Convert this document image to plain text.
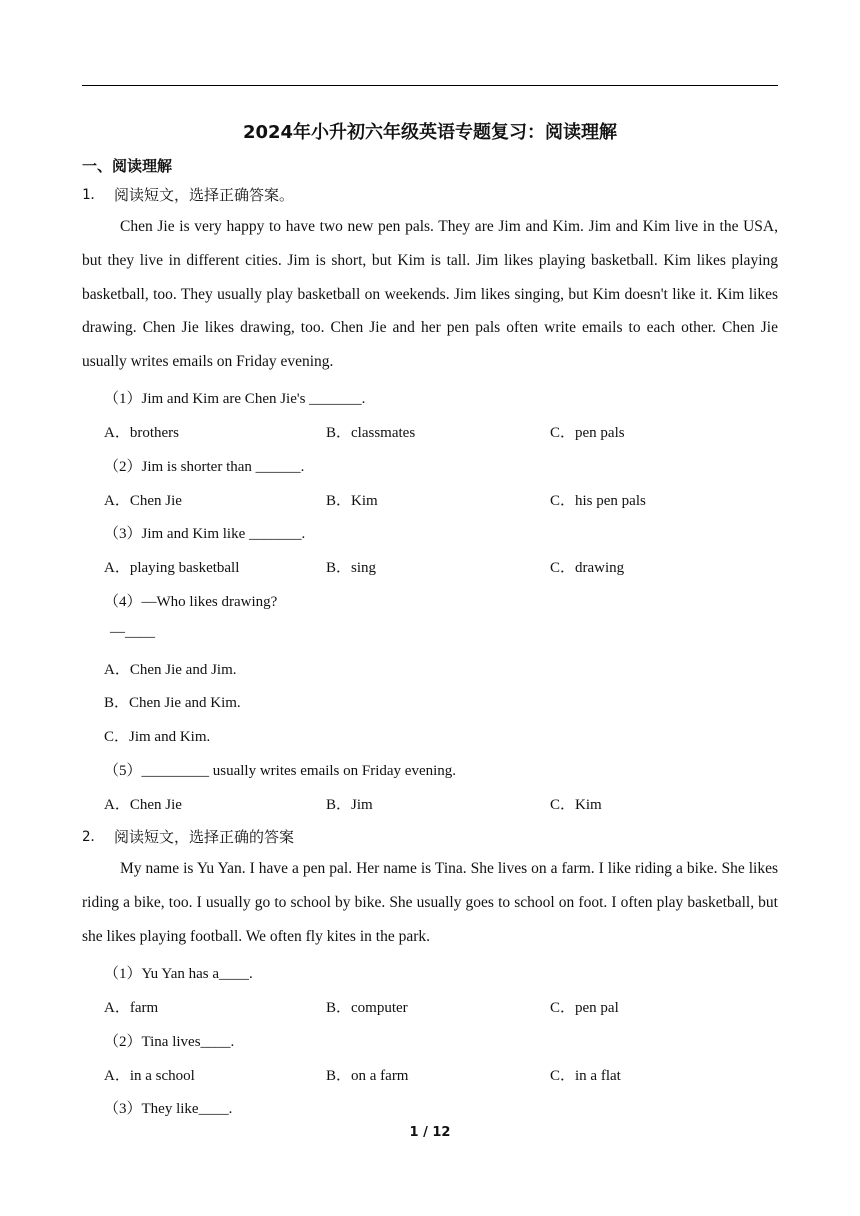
2024年小升初六年级英语专题复习：阅读理解
一、阅读理解
1． 阅读短文，选择正确答案。
Chen Jie is very happy to have two new pen pals. They are Jim and Kim. Jim and Kim live in the USA, but they live in different cities. Jim is short, but Kim is tall. Jim likes playing basketball. Kim likes playing basketball, too. They usually play basketball on weekends. Jim likes singing, but Kim doesn't like it. Kim likes drawing. Chen Jie likes drawing, too. Chen Jie and her pen pals often write emails to each other. Chen Jie usually writes emails on Friday evening.
（1）Jim and Kim are Chen Jie's _______.
A．brothers	B．classmates	C．pen pals
（2）Jim is shorter than ______.
A．Chen Jie	B．Kim	C．his pen pals
（3）Jim and Kim like _______.
A．playing basketball	B．sing	C．drawing
（4）—Who likes drawing?
—____
A．Chen Jie and Jim.
B．Chen Jie and Kim.
C．Jim and Kim.
（5）_________ usually writes emails on Friday evening.
A．Chen Jie	B．Jim	C．Kim
2． 阅读短文，选择正确的答案
My name is Yu Yan. I have a pen pal. Her name is Tina. She lives on a farm. I like riding a bike. She likes riding a bike, too. I usually go to school by bike. She usually goes to school on foot. I often play basketball, but she likes playing football. We often fly kites in the park.
（1）Yu Yan has a____.
A．farm	B．computer	C．pen pal
（2）Tina lives____.
A．in a school	B．on a farm	C．in a flat
（3）They like____.
1 / 12
